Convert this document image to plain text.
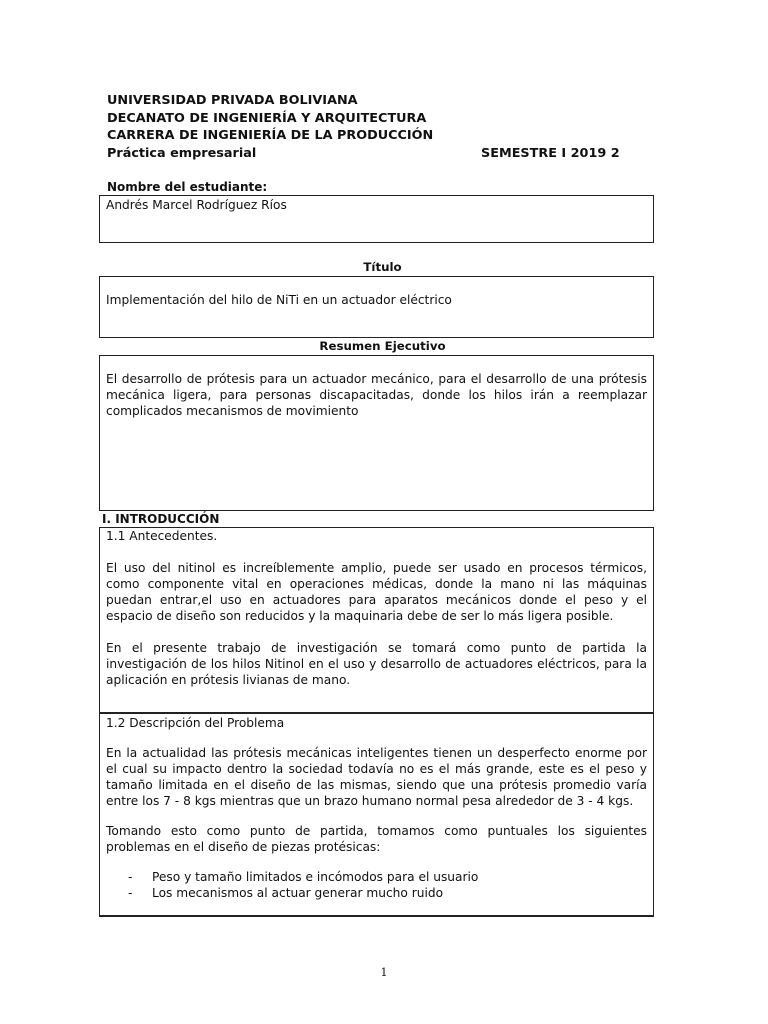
UNIVERSIDAD PRIVADA BOLIVIANA
DECANATO DE INGENIERÍA Y ARQUITECTURA
CARRERA DE INGENIERÍA DE LA PRODUCCIÓN
Práctica empresarial	SEMESTRE I 2019 2
Nombre del estudiante:
Andrés Marcel Rodríguez Ríos
Título
Implementación del hilo de NiTi en un actuador eléctrico
Resumen Ejecutivo

El desarrollo de prótesis para un actuador mecánico, para el desarrollo de una prótesis mecánica ligera, para personas discapacitadas, donde los hilos irán a reemplazar complicados mecanismos de movimiento

I. INTRODUCCIÓN
1.1 Antecedentes.

El uso del nitinol es increíblemente amplio, puede ser usado en procesos térmicos, como componente vital en operaciones médicas, donde la mano ni las máquinas puedan entrar,el uso en actuadores para aparatos mecánicos donde el peso y el espacio de diseño son reducidos y la maquinaria debe de ser lo más ligera posible.

En el presente trabajo de investigación se tomará como punto de partida la investigación de los hilos Nitinol en el uso y desarrollo de actuadores eléctricos, para la aplicación en prótesis livianas de mano.

1.2 Descripción del Problema

En la actualidad las prótesis mecánicas inteligentes tienen un desperfecto enorme por el cual su impacto dentro la sociedad todavía no es el más grande, este es el peso y tamaño limitada en el diseño de las mismas, siendo que una prótesis promedio varía entre los 7 - 8 kgs mientras que un brazo humano normal pesa alrededor de 3 - 4 kgs.

Tomando esto como punto de partida, tomamos como puntuales los siguientes problemas en el diseño de piezas protésicas:

- Peso y tamaño limitados e incómodos para el usuario
- Los mecanismos al actuar generar mucho ruido
1
